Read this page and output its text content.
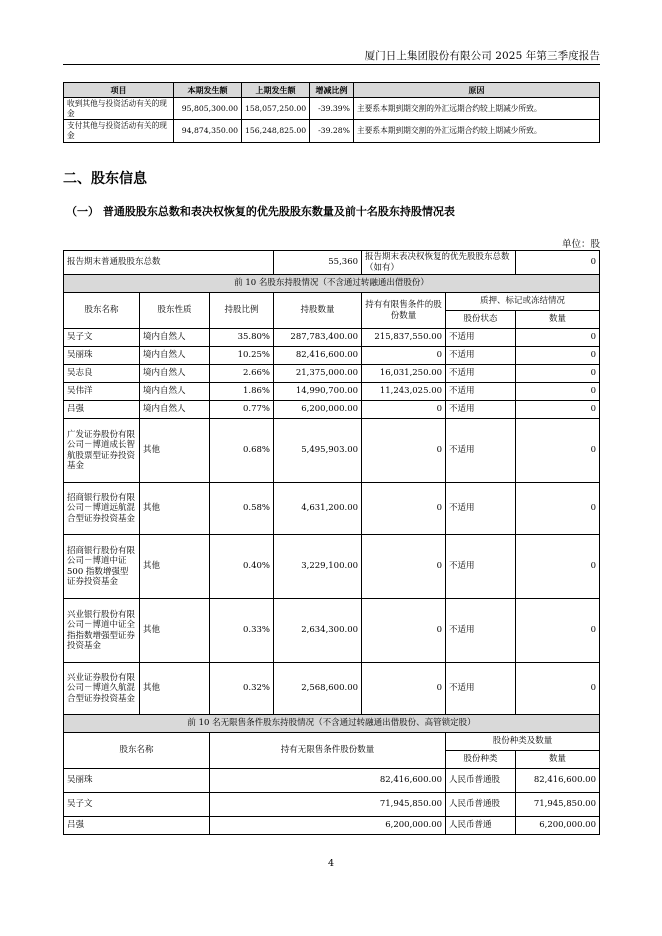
厦门日上集团股份有限公司 2025 年第三季度报告
项目	本期发生额	上期发生额	增减比例	原因
收到其他与投资活动有关的现金	95,805,300.00	158,057,250.00	-39.39%	主要系本期到期交割的外汇远期合约较上期减少所致。
支付其他与投资活动有关的现金	94,874,350.00	156,248,825.00	-39.28%	主要系本期到期交割的外汇远期合约较上期减少所致。
二、股东信息
（一） 普通股股东总数和表决权恢复的优先股股东数量及前十名股东持股情况表
单位：股
报告期末普通股股东总数			55,360	报告期末表决权恢复的优先股股东总数（如有）		0
前 10 名股东持股情况（不含通过转融通出借股份）						
股东名称	股东性质	持股比例	持股数量	持有有限售条件的股份数量	质押、标记或冻结情况	
					股份状态	数量
吴子文	境内自然人	35.80%	287,783,400.00	215,837,550.00	不适用	0
吴丽珠	境内自然人	10.25%	82,416,600.00	0	不适用	0
吴志良	境内自然人	2.66%	21,375,000.00	16,031,250.00	不适用	0
吴伟洋	境内自然人	1.86%	14,990,700.00	11,243,025.00	不适用	0
吕强	境内自然人	0.77%	6,200,000.00	0	不适用	0
广发证券股份有限公司－博道成长智航股票型证券投资基金	其他	0.68%	5,495,903.00	0	不适用	0
招商银行股份有限公司－博道远航混合型证券投资基金	其他	0.58%	4,631,200.00	0	不适用	0
招商银行股份有限公司－博道中证 500 指数增强型证券投资基金	其他	0.40%	3,229,100.00	0	不适用	0
兴业银行股份有限公司－博道中证全指指数增强型证券投资基金	其他	0.33%	2,634,300.00	0	不适用	0
兴业证券股份有限公司－博道久航混合型证券投资基金	其他	0.32%	2,568,600.00	0	不适用	0
前 10 名无限售条件股东持股情况（不含通过转融通出借股份、高管锁定股）						
股东名称		持有无限售条件股份数量			股份种类及数量	
					股份种类	数量
吴丽珠		82,416,600.00			人民币普通股	82,416,600.00
吴子文		71,945,850.00			人民币普通股	71,945,850.00
吕强		6,200,000.00			人民币普通	6,200,000.00
4
